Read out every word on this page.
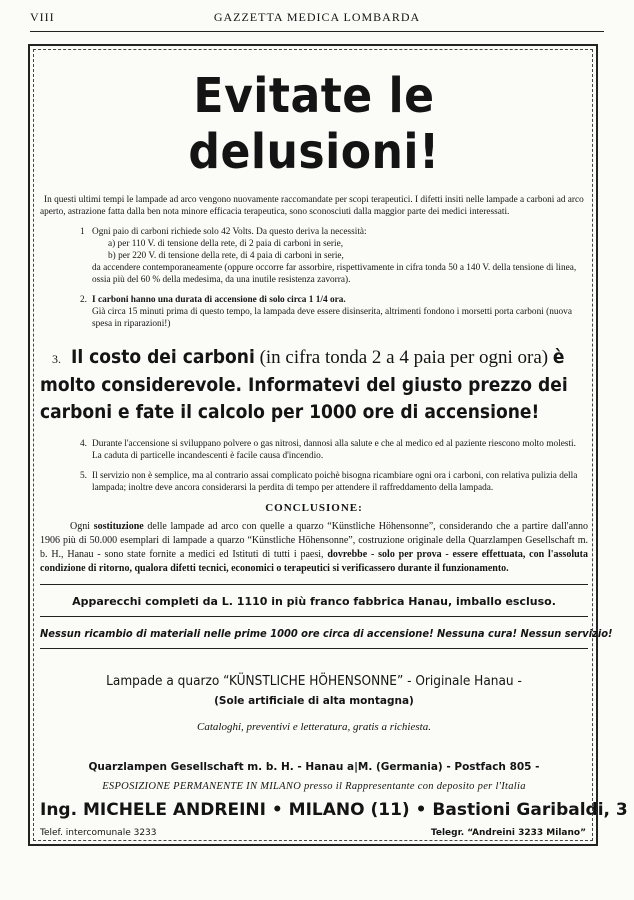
VIII	GAZZETTA MEDICA LOMBARDA
Evitate le delusioni!

In questi ultimi tempi le lampade ad arco vengono nuovamente raccomandate per scopi terapeutici. I difetti insiti nelle lampade a carboni ad arco aperto, astrazione fatta dalla ben nota minore efficacia terapeutica, sono sconosciuti dalla maggior parte dei medici interessati.

1 Ogni paio di carboni richiede solo 42 Volts. Da questo deriva la necessità:
a) per 110 V. di tensione della rete, di 2 paia di carboni in serie,
b) per 220 V. di tensione della rete, di 4 paia di carboni in serie,
da accendere contemporaneamente (oppure occorre far assorbire, rispettivamente in cifra tonda 50 a 140 V. della tensione di linea, ossia più del 60 % della medesima, da una inutile resistenza zavorra).
2. I carboni hanno una durata di accensione di solo circa 1 1/4 ora.
Già circa 15 minuti prima di questo tempo, la lampada deve essere disinserita, altrimenti fondono i morsetti porta carboni (nuova spesa in riparazioni!)
3. Il costo dei carboni (in cifra tonda 2 a 4 paia per ogni ora) è molto considerevole. Informatevi del giusto prezzo dei carboni e fate il calcolo per 1000 ore di accensione!
4. Durante l'accensione si sviluppano polvere o gas nitrosi, dannosi alla salute e che al medico ed al paziente riescono molto molesti. La caduta di particelle incandescenti è facile causa d'incendio.
5. Il servizio non è semplice, ma al contrario assai complicato poichè bisogna ricambiare ogni ora i carboni, con relativa pulizia della lampada; inoltre deve ancora considerarsi la perdita di tempo per attendere il raffreddamento della lampada.
CONCLUSIONE:

Ogni sostituzione delle lampade ad arco con quelle a quarzo “Künstliche Höhensonne”, considerando che a partire dall'anno 1906 più di 50.000 esemplari di lampade a quarzo “Künstliche Höhensonne”, costruzione originale della Quarzlampen Gesellschaft m. b. H., Hanau - sono state fornite a medici ed Istituti di tutti i paesi, dovrebbe - solo per prova - essere effettuata, con l'assoluta condizione di ritorno, qualora difetti tecnici, economici o terapeutici si verificassero durante il funzionamento.

Apparecchi completi da L. 1110 in più franco fabbrica Hanau, imballo escluso.
Nessun ricambio di materiali nelle prime 1000 ore circa di accensione! Nessuna cura! Nessun servizio!
Lampade a quarzo “KÜNSTLICHE HÖHENSONNE” - Originale Hanau -
(Sole artificiale di alta montagna)
Cataloghi, preventivi e letteratura, gratis a richiesta.
Quarzlampen Gesellschaft m. b. H. - Hanau a|M. (Germania) - Postfach 805 -
ESPOSIZIONE PERMANENTE IN MILANO presso il Rappresentante con deposito per l'Italia
Ing. MICHELE ANDREINI • MILANO (11) • Bastioni Garibaldi, 3
Telef. intercomunale 3233	Telegr. “Andreini 3233 Milano”
